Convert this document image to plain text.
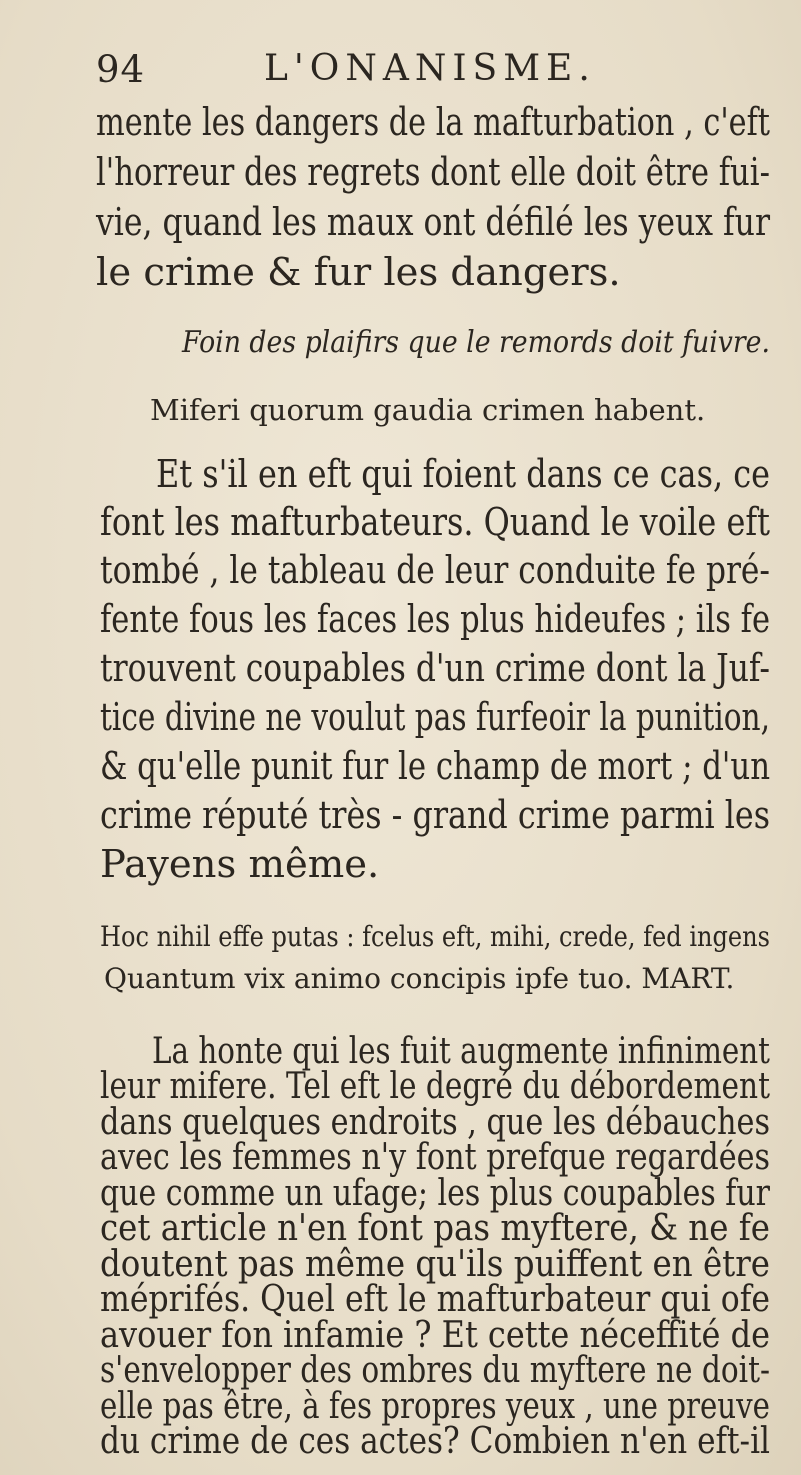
94	L'ONANISME.
mente les dangers de la mafturbation , c'eft
l'horreur des regrets dont elle doit être fui-
vie, quand les maux ont défilé les yeux fur
le crime & fur les dangers.
Foin des plaifirs que le remords doit fuivre.
Miferi quorum gaudia crimen habent.
Et s'il en eft qui foient dans ce cas, ce
font les mafturbateurs. Quand le voile eft
tombé , le tableau de leur conduite fe pré-
fente fous les faces les plus hideufes ; ils fe
trouvent coupables d'un crime dont la Juf-
tice divine ne voulut pas furfeoir la punition,
& qu'elle punit fur le champ de mort ; d'un
crime réputé très - grand crime parmi les
Payens même.
Hoc nihil effe putas : fcelus eft, mihi, crede, fed ingens
Quantum vix animo concipis ipfe tuo. MART.
La honte qui les fuit augmente infiniment
leur mifere. Tel eft le degré du débordement
dans quelques endroits , que les débauches
avec les femmes n'y font prefque regardées
que comme un ufage; les plus coupables fur
cet article n'en font pas myftere, & ne fe
doutent pas même qu'ils puiffent en être
méprifés. Quel eft le mafturbateur qui ofe
avouer fon infamie ? Et cette néceffité de
s'envelopper des ombres du myftere ne doit-
elle pas être, à fes propres yeux , une preuve
du crime de ces actes? Combien n'en eft-il
